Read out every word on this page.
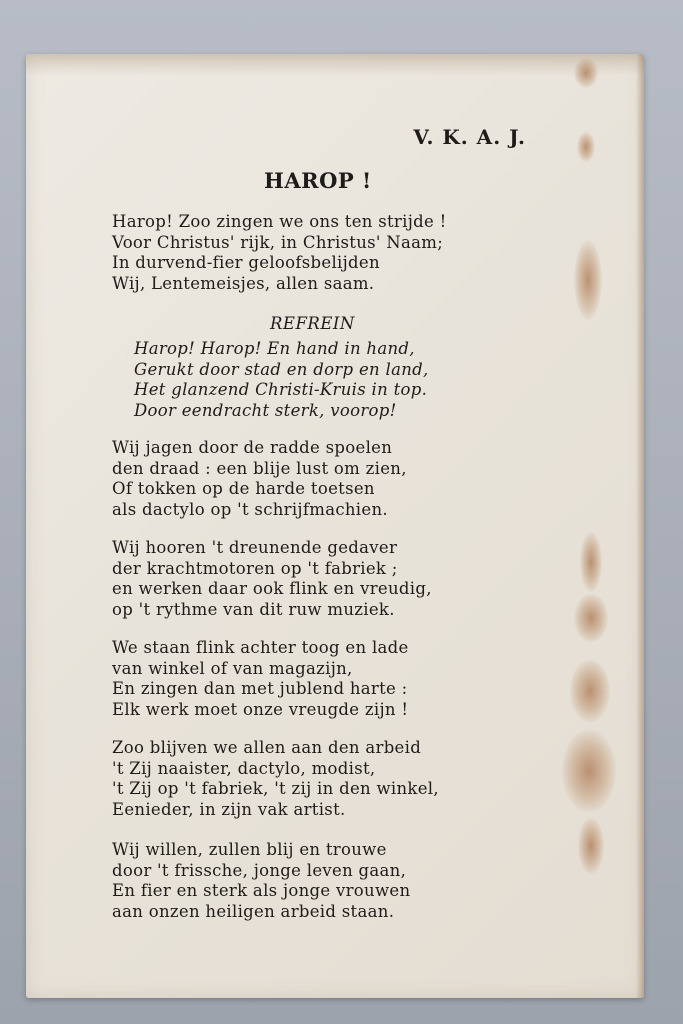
V. K. A. J.
HAROP !
Harop! Zoo zingen we ons ten strijde !
Voor Christus' rijk, in Christus' Naam;
In durvend-fier geloofsbelijden
Wij, Lentemeisjes, allen saam.
REFREIN
Harop! Harop! En hand in hand,
Gerukt door stad en dorp en land,
Het glanzend Christi-Kruis in top.
Door eendracht sterk, voorop!
Wij jagen door de radde spoelen
den draad : een blije lust om zien,
Of tokken op de harde toetsen
als dactylo op 't schrijfmachien.
Wij hooren 't dreunende gedaver
der krachtmotoren op 't fabriek ;
en werken daar ook flink en vreudig,
op 't rythme van dit ruw muziek.
We staan flink achter toog en lade
van winkel of van magazijn,
En zingen dan met jublend harte :
Elk werk moet onze vreugde zijn !
Zoo blijven we allen aan den arbeid
't Zij naaister, dactylo, modist,
't Zij op 't fabriek, 't zij in den winkel,
Eenieder, in zijn vak artist.
Wij willen, zullen blij en trouwe
door 't frissche, jonge leven gaan,
En fier en sterk als jonge vrouwen
aan onzen heiligen arbeid staan.
